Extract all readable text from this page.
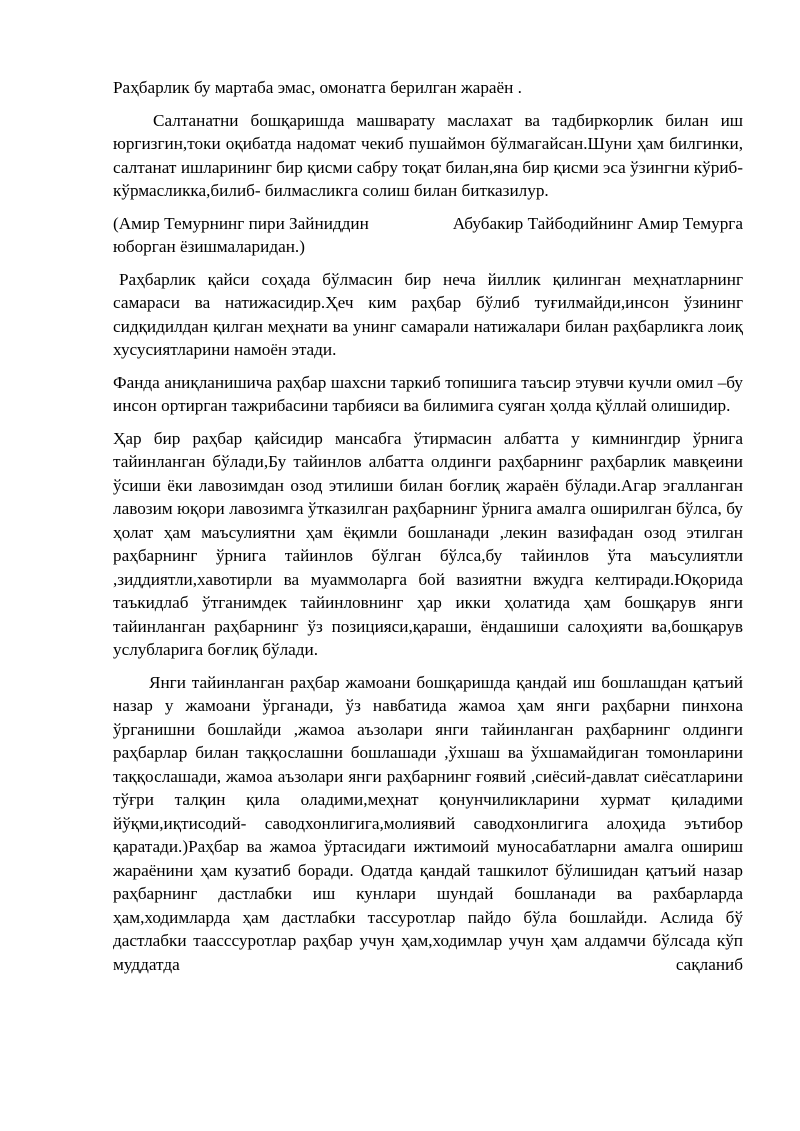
Раҳбарлик бу мартаба эмас, омонатга берилган жараён .

Салтанатни бошқаришда машварату маслахат ва тадбиркорлик билан иш юргизгин,токи оқибатда надомат чекиб пушаймон бўлмагайсан.Шуни ҳам билгинки, салтанат ишларининг бир қисми сабру тоқат билан,яна бир қисми эса ўзингни кўриб- кўрмасликка,билиб- билмасликга солиш билан битказилур.

(Амир Темурнинг пири Зайниддин	Абубакир Тайбодийнинг Амир Темурга
юборган ёзишмаларидан.)

Раҳбарлик қайси соҳада бўлмасин бир неча йиллик қилинган меҳнатларнинг самараси ва натижасидир.Ҳеч ким раҳбар бўлиб туғилмайди,инсон ўзининг сидқидилдан қилган меҳнати ва унинг самарали натижалари билан раҳбарликга лоиқ хусусиятларини намоён этади.

Фанда аниқланишича раҳбар шахсни таркиб топишига таъсир этувчи кучли омил –бу инсон ортирган тажрибасини тарбияси ва билимига суяган ҳолда қўллай олишидир.

Ҳар бир раҳбар қайсидир мансабга ўтирмасин албатта у кимнингдир ўрнига тайинланган бўлади,Бу тайинлов албатта олдинги раҳбарнинг раҳбарлик мавқеини ўсиши ёки лавозимдан озод этилиши билан боғлиқ жараён бўлади.Агар эгалланган лавозим юқори лавозимга ўтказилган раҳбарнинг ўрнига амалга оширилган бўлса, бу ҳолат ҳам маъсулиятни ҳам ёқимли бошланади ,лекин вазифадан озод этилган раҳбарнинг ўрнига тайинлов бўлган бўлса,бу тайинлов ўта маъсулиятли ,зиддиятли,хавотирли ва муаммоларга бой вазиятни вжудга келтиради.Юқорида таъкидлаб ўтганимдек тайинловнинг ҳар икки ҳолатида ҳам бошқарув янги тайинланган раҳбарнинг ўз позицияси,қараши, ёндашиши салоҳияти ва,бошқарув услубларига боғлиқ бўлади.

Янги тайинланган раҳбар жамоани бошқаришда қандай иш бошлашдан қатъий назар у жамоани ўрганади, ўз навбатида жамоа ҳам янги раҳбарни пинхона ўрганишни бошлайди ,жамоа аъзолари янги тайинланган раҳбарнинг олдинги раҳбарлар билан таққослашни бошлашади ,ўхшаш ва ўхшамайдиган томонларини таққослашади, жамоа аъзолари янги раҳбарнинг ғоявий ,сиёсий-давлат сиёсатларини тўғри талқин қила оладими,меҳнат қонунчиликларини хурмат қиладими йўқми,иқтисодий- саводхонлигига,молиявий саводхонлигига алоҳида эътибор қаратади.)Раҳбар ва жамоа ўртасидаги ижтимоий муносабатларни амалга ошириш жараёнини ҳам кузатиб боради. Одатда қандай ташкилот бўлишидан қатъий назар раҳбарнинг дастлабки иш кунлари шундай бошланади ва рахбарларда ҳам,ходимларда ҳам дастлабки тассуротлар пайдо бўла бошлайди. Аслида бў дастлабки таасссуротлар раҳбар учун ҳам,ходимлар учун ҳам алдамчи бўлсада кўп муддатда сақланиб
